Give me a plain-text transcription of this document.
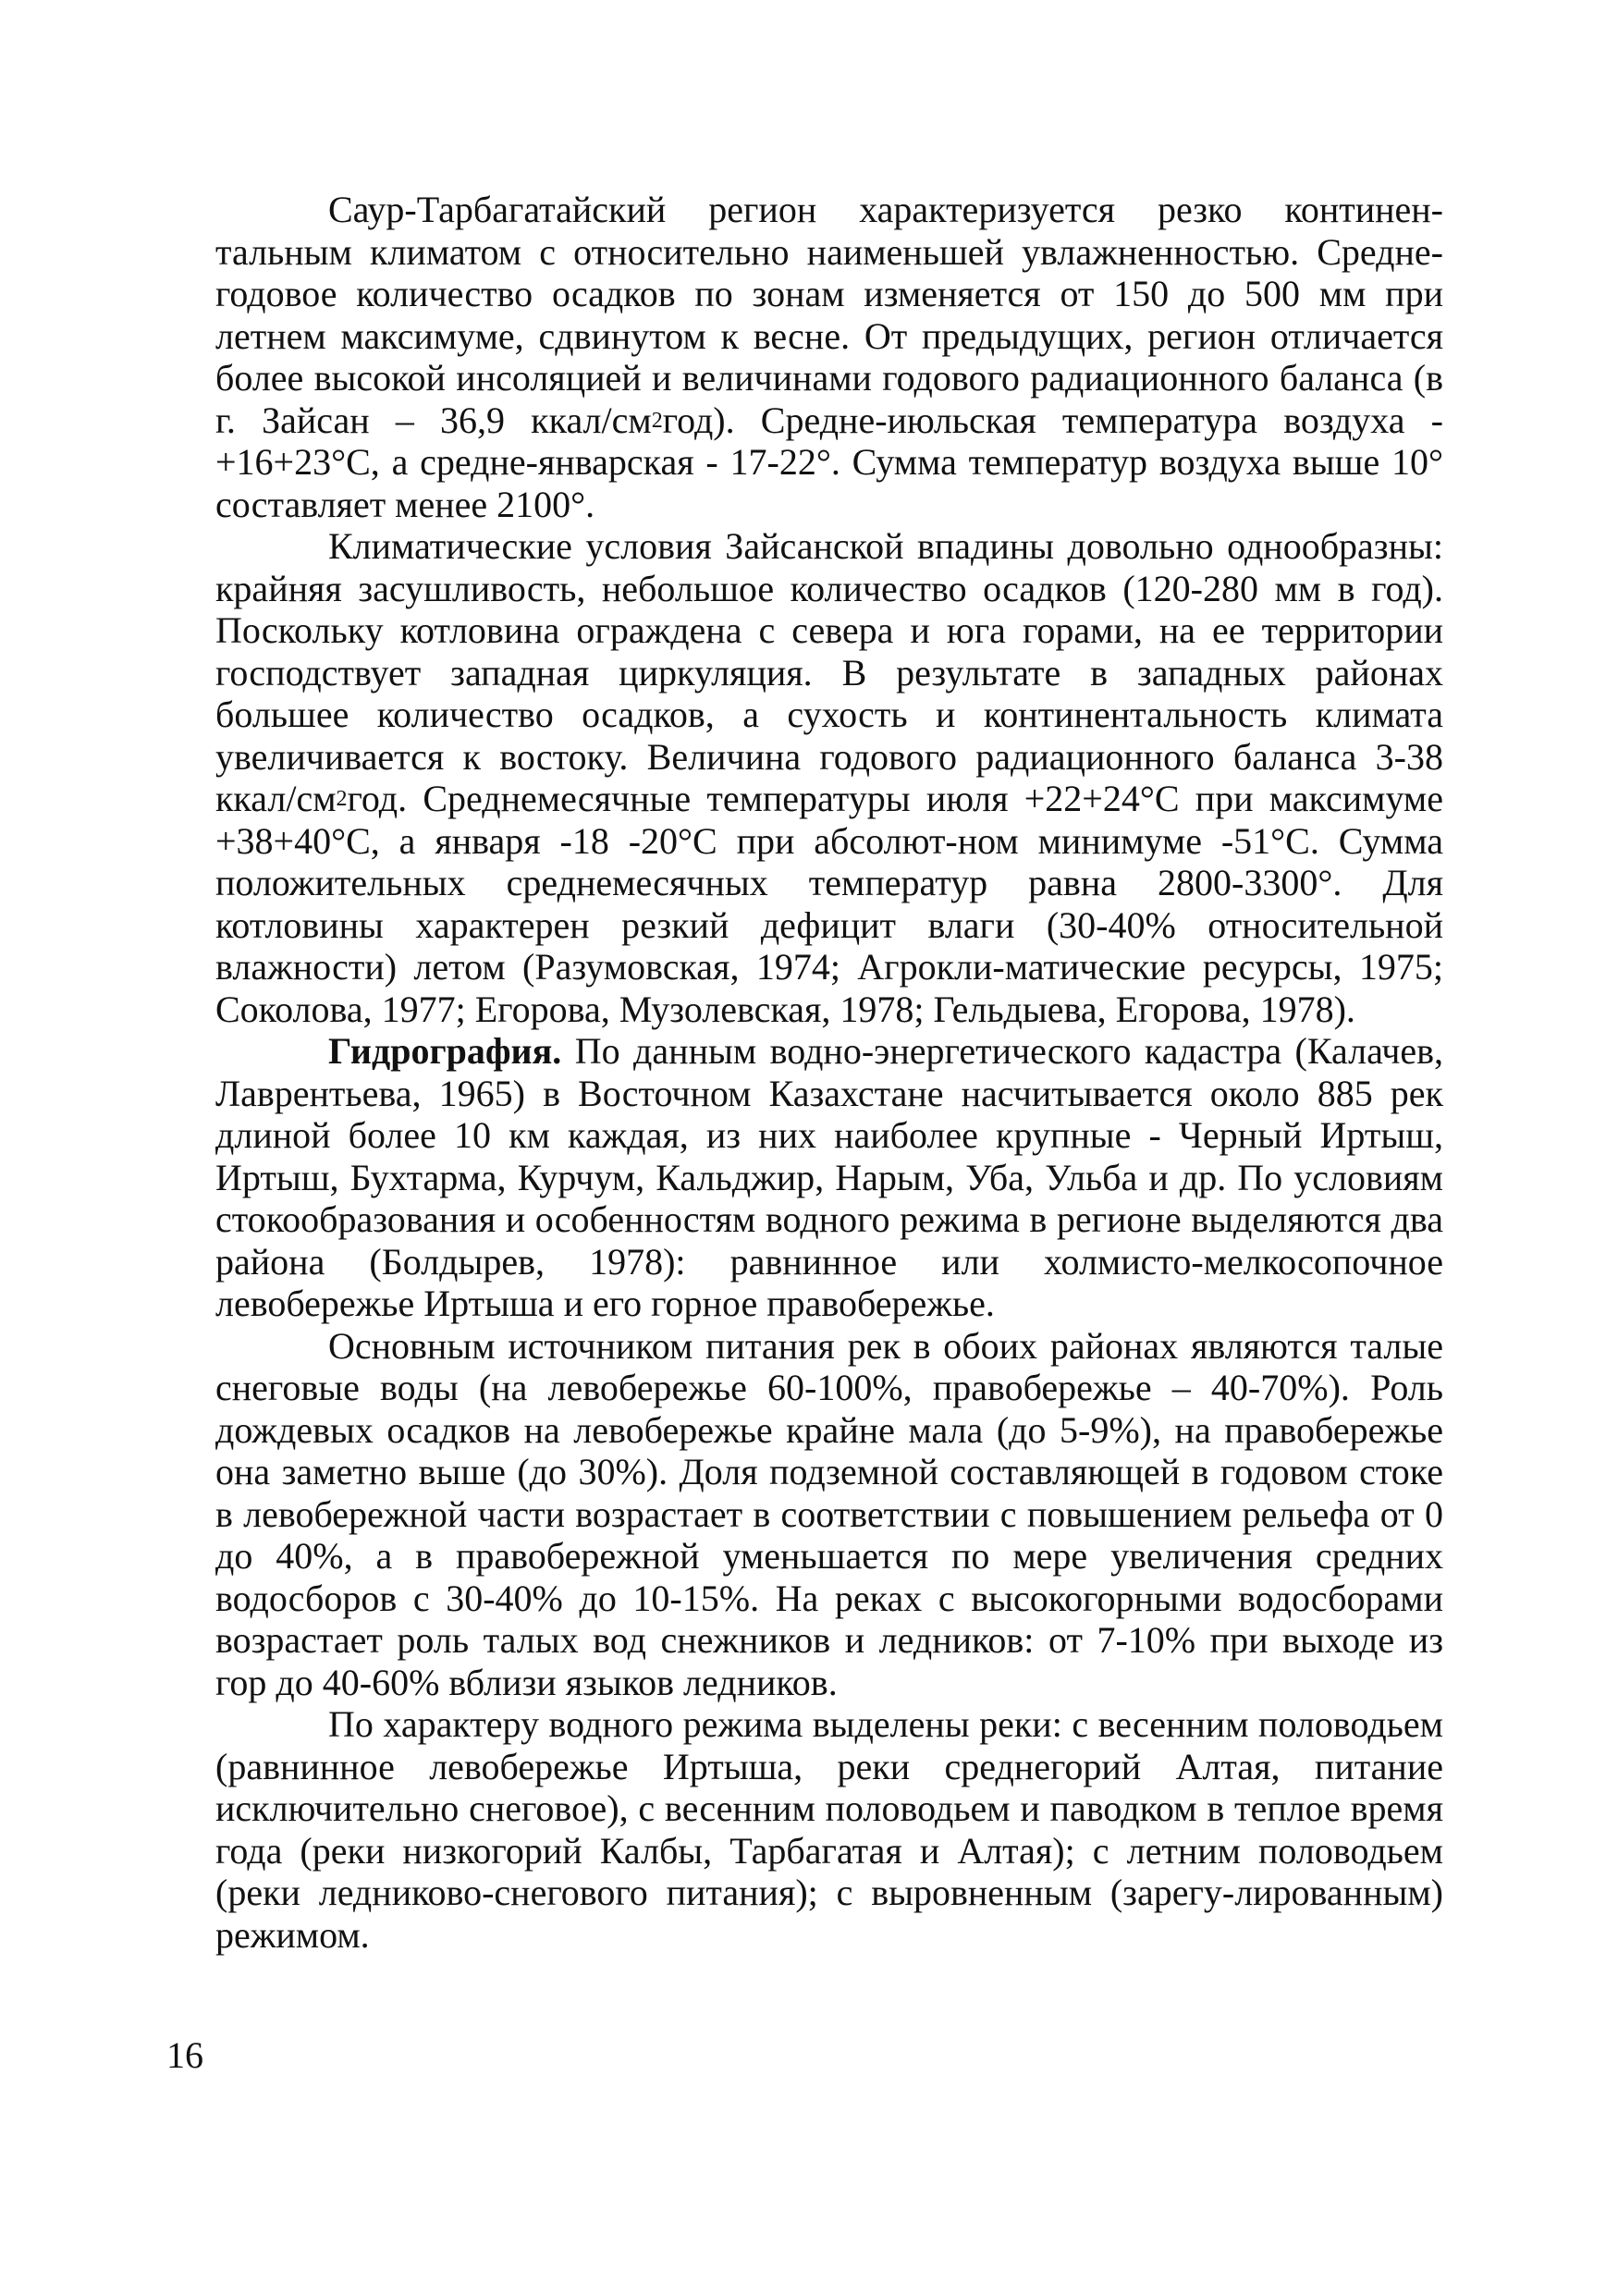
Саур-Тарбагатайский регион характеризуется резко континен-тальным климатом с относительно наименьшей увлажненностью. Средне-годовое количество осадков по зонам изменяется от 150 до 500 мм при летнем максимуме, сдвинутом к весне. От предыдущих, регион отличается более высокой инсоляцией и величинами годового радиационного баланса (в г. Зайсан – 36,9 ккал/$см^2год$). Средне-июльская температура воздуха - +16+23°С, а средне-январская - 17-22°. Сумма температур воздуха выше 10° составляет менее 2100°.

Климатические условия Зайсанской впадины довольно однообразны: крайняя засушливость, небольшое количество осадков (120-280 мм в год). Поскольку котловина ограждена с севера и юга горами, на ее территории господствует западная циркуляция. В результате в западных районах большее количество осадков, а сухость и континентальность климата увеличивается к востоку. Величина годового радиационного баланса 3-38 ккал/$см^2год$. Среднемесячные температуры июля +22+24°С при максимуме +38+40°С, а января -18 -20°С при абсолют-ном минимуме -51°С. Сумма положительных среднемесячных температур равна 2800-3300°. Для котловины характерен резкий дефицит влаги (30-40% относительной влажности) летом (Разумовская, 1974; Агрокли-матические ресурсы, 1975; Соколова, 1977; Егорова, Музолевская, 1978; Гельдыева, Егорова, 1978).

Гидрография. По данным водно-энергетического кадастра (Калачев, Лаврентьева, 1965) в Восточном Казахстане насчитывается около 885 рек длиной более 10 км каждая, из них наиболее крупные - Черный Иртыш, Иртыш, Бухтарма, Курчум, Кальджир, Нарым, Уба, Ульба и др. По условиям стокообразования и особенностям водного режима в регионе выделяются два района (Болдырев, 1978): равнинное или холмисто-мелкосопочное левобережье Иртыша и его горное правобережье.

Основным источником питания рек в обоих районах являются талые снеговые воды (на левобережье 60-100%, правобережье – 40-70%). Роль дождевых осадков на левобережье крайне мала (до 5-9%), на правобережье она заметно выше (до 30%). Доля подземной составляющей в годовом стоке в левобережной части возрастает в соответствии с повышением рельефа от 0 до 40%, а в правобережной уменьшается по мере увеличения средних водосборов с 30-40% до 10-15%. На реках с высокогорными водосборами возрастает роль талых вод снежников и ледников: от 7-10% при выходе из гор до 40-60% вблизи языков ледников.

По характеру водного режима выделены реки: с весенним половодьем (равнинное левобережье Иртыша, реки среднегорий Алтая, питание исключительно снеговое), с весенним половодьем и паводком в теплое время года (реки низкогорий Калбы, Тарбагатая и Алтая); с летним половодьем (реки ледниково-снегового питания); с выровненным (зарегу-лированным) режимом.

16
